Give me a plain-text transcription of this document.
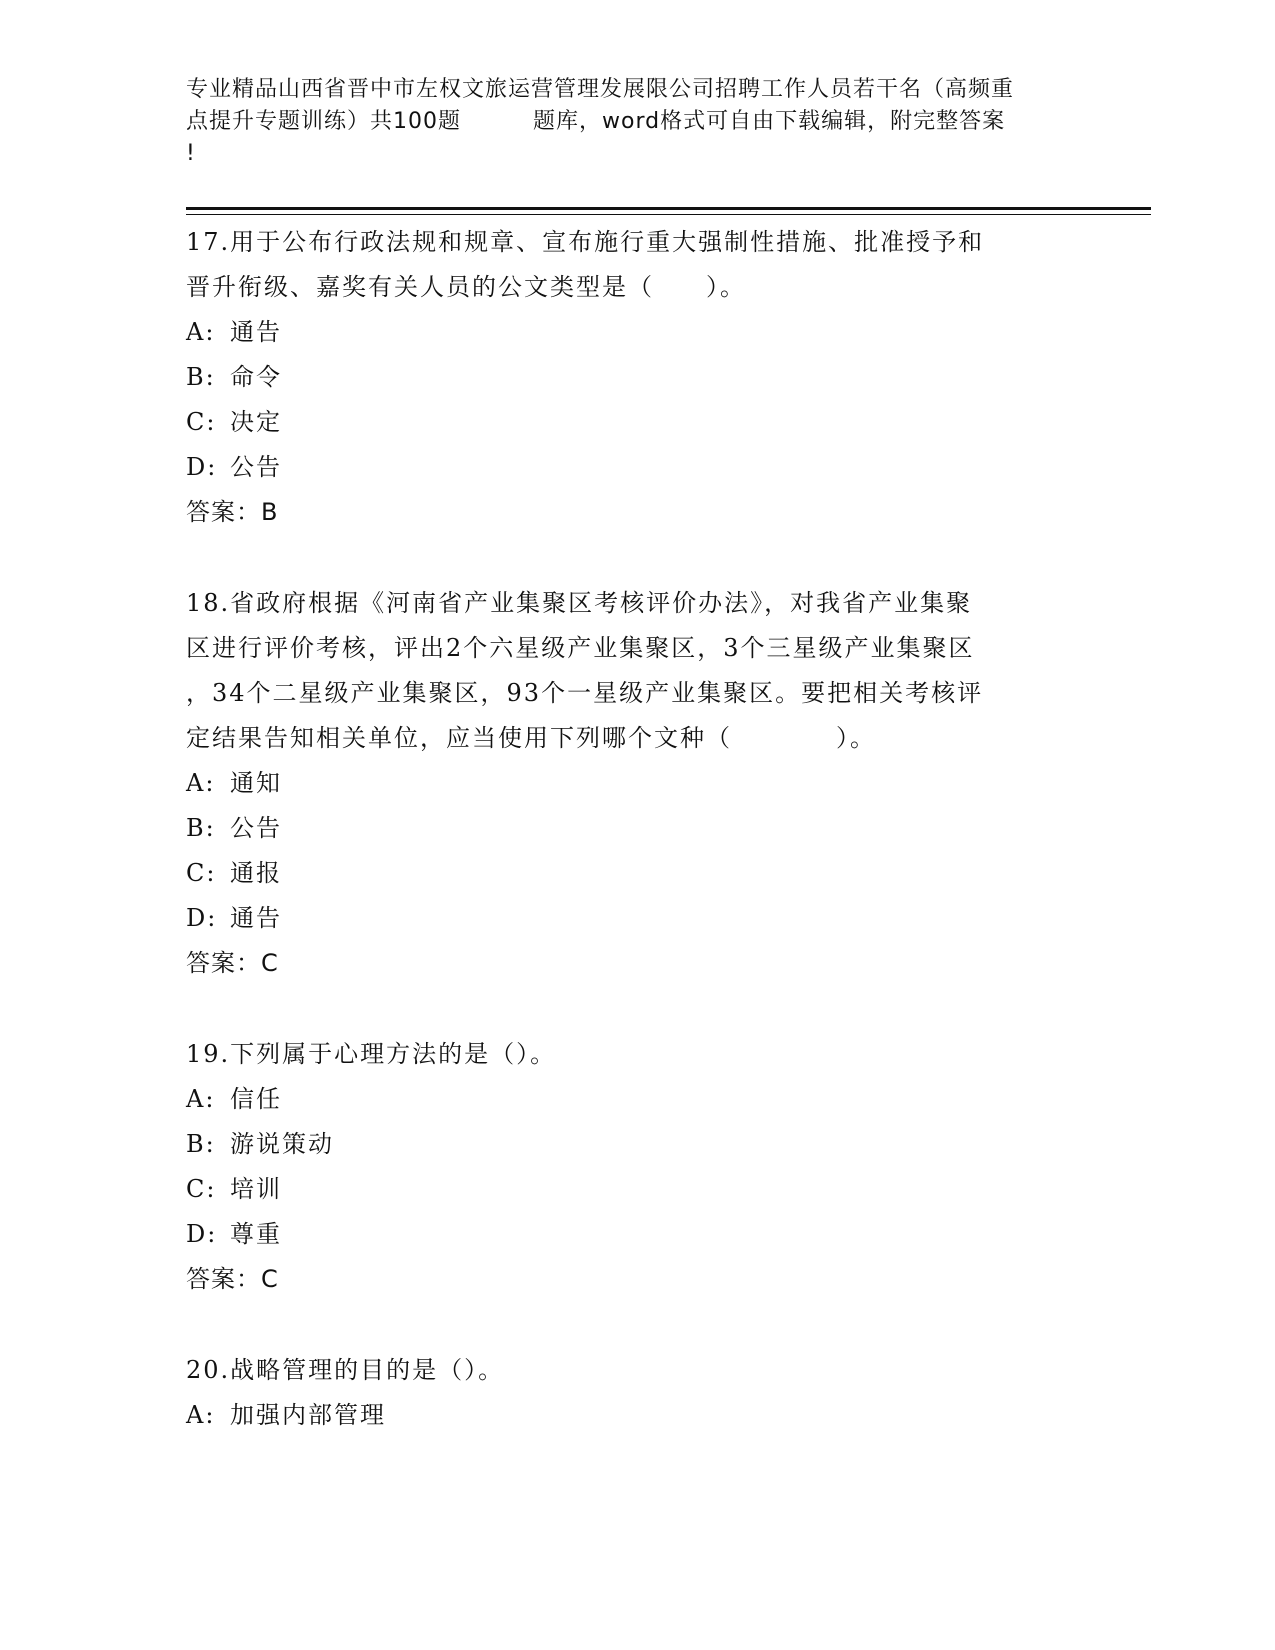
专业精品山西省晋中市左权文旅运营管理发展限公司招聘工作人员若干名（高频重
点提升专题训练）共100题	题库，word格式可自由下载编辑，附完整答案
!
17.用于公布行政法规和规章、宣布施行重大强制性措施、批准授予和
晋升衔级、嘉奖有关人员的公文类型是（　　）。
A: 通告
B: 命令
C: 决定
D: 公告
答案：B
18.省政府根据《河南省产业集聚区考核评价办法》，对我省产业集聚
区进行评价考核，评出2个六星级产业集聚区，3个三星级产业集聚区
，34个二星级产业集聚区，93个一星级产业集聚区。要把相关考核评
定结果告知相关单位，应当使用下列哪个文种（　　　　）。
A: 通知
B: 公告
C: 通报
D: 通告
答案：C
19.下列属于心理方法的是（）。
A: 信任
B: 游说策动
C: 培训
D: 尊重
答案：C
20.战略管理的目的是（）。
A: 加强内部管理
